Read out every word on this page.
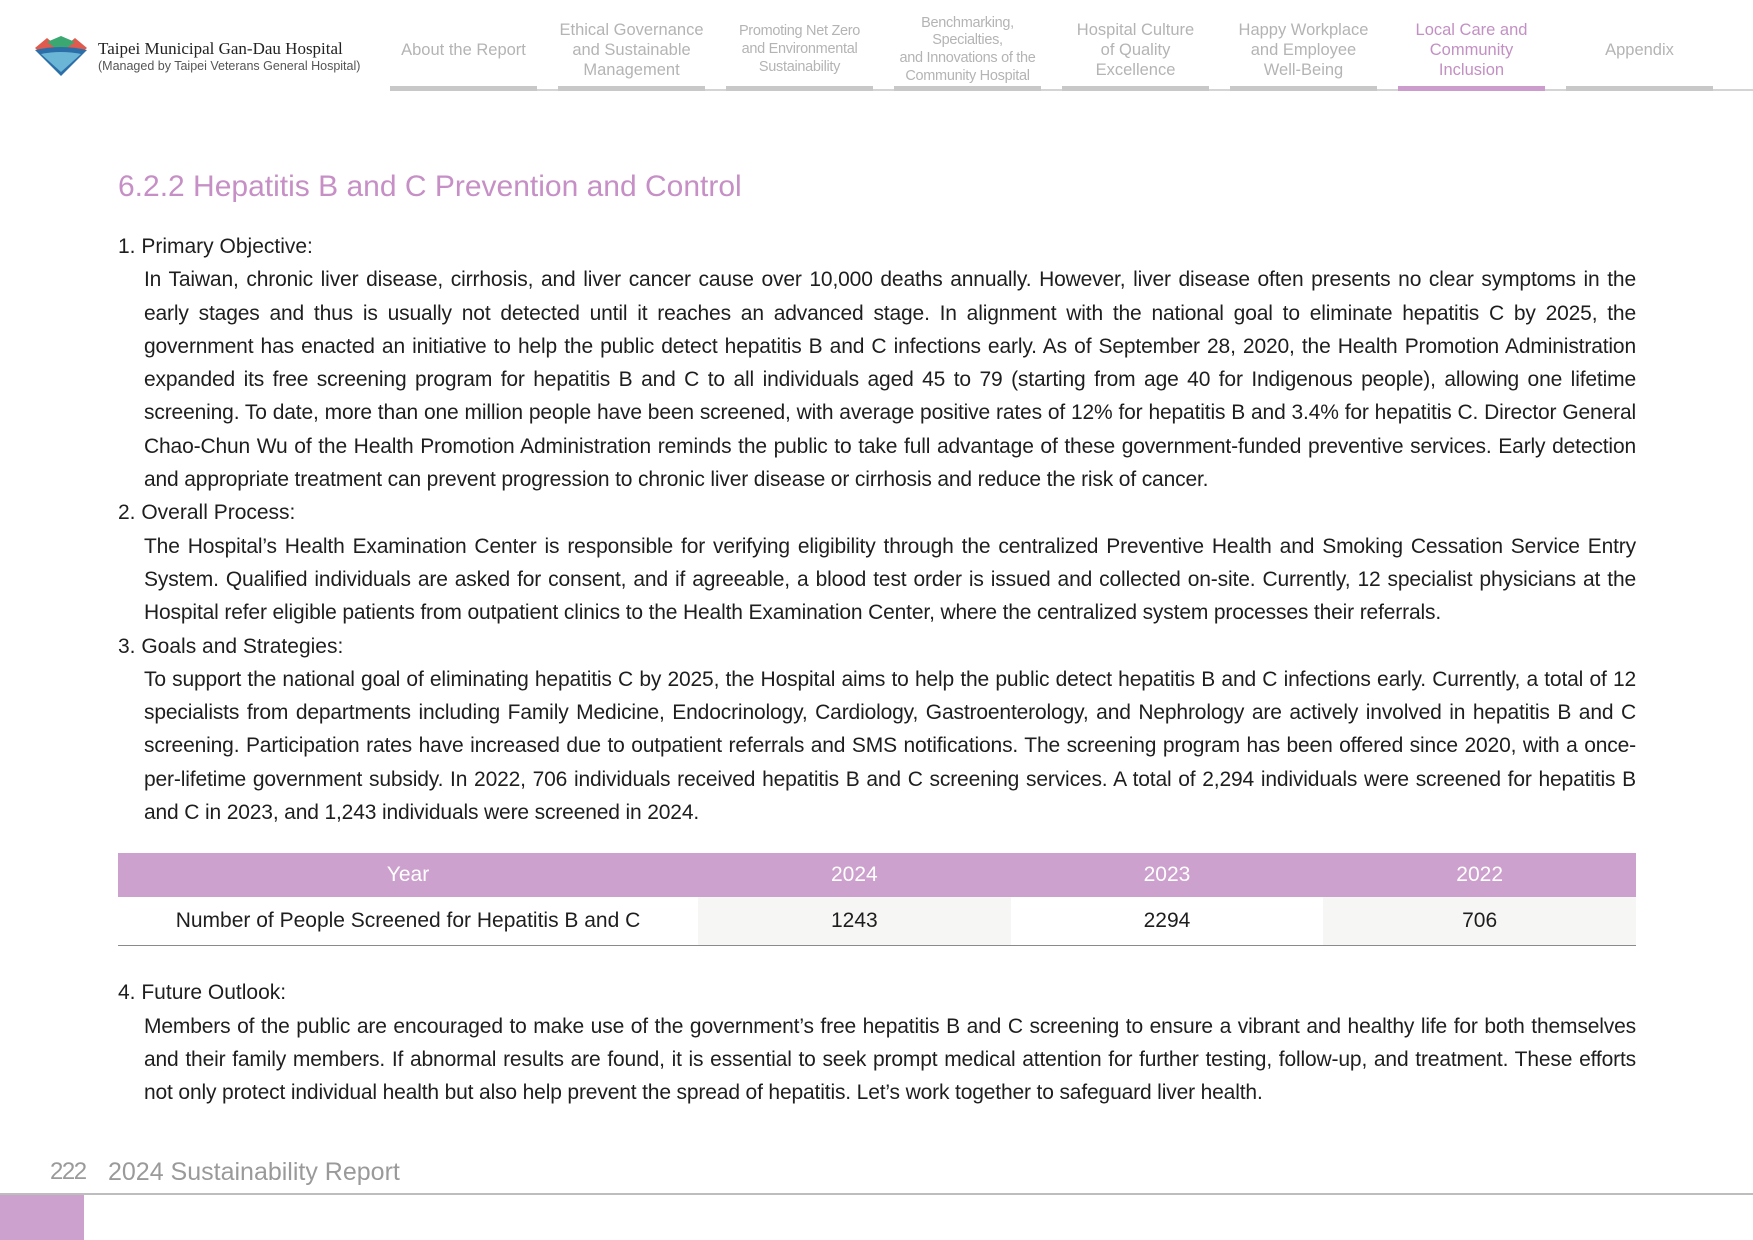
Taipei Municipal Gan-Dau Hospital
(Managed by Taipei Veterans General Hospital)
About the Report
Ethical Governance
and Sustainable
Management
Promoting Net Zero
and Environmental
Sustainability
Benchmarking, Specialties,
and Innovations of the
Community Hospital
Hospital Culture
of Quality
Excellence
Happy Workplace
and Employee
Well-Being
Local Care and
Community
Inclusion
Appendix
6.2.2 Hepatitis B and C Prevention and Control
1. Primary Objective:
In Taiwan, chronic liver disease, cirrhosis, and liver cancer cause over 10,000 deaths annually. However, liver disease often presents no clear symptoms in the early stages and thus is usually not detected until it reaches an advanced stage. In alignment with the national goal to eliminate hepatitis C by 2025, the government has enacted an initiative to help the public detect hepatitis B and C infections early. As of September 28, 2020, the Health Promotion Administration expanded its free screening program for hepatitis B and C to all individuals aged 45 to 79 (starting from age 40 for Indigenous people), allowing one lifetime screening. To date, more than one million people have been screened, with average positive rates of 12% for hepatitis B and 3.4% for hepatitis C. Director General Chao-Chun Wu of the Health Promotion Administration reminds the public to take full advantage of these government-funded preventive services. Early detection and appropriate treatment can prevent progression to chronic liver disease or cirrhosis and reduce the risk of cancer.
2. Overall Process:
The Hospital’s Health Examination Center is responsible for verifying eligibility through the centralized Preventive Health and Smoking Cessation Service Entry System. Qualified individuals are asked for consent, and if agreeable, a blood test order is issued and collected on-site. Currently, 12 specialist physicians at the Hospital refer eligible patients from outpatient clinics to the Health Examination Center, where the centralized system processes their referrals.
3. Goals and Strategies:
To support the national goal of eliminating hepatitis C by 2025, the Hospital aims to help the public detect hepatitis B and C infections early. Currently, a total of 12 specialists from departments including Family Medicine, Endocrinology, Cardiology, Gastroenterology, and Nephrology are actively involved in hepatitis B and C screening. Participation rates have increased due to outpatient referrals and SMS notifications. The screening program has been offered since 2020, with a once-per-lifetime government subsidy. In 2022, 706 individuals received hepatitis B and C screening services. A total of 2,294 individuals were screened for hepatitis B and C in 2023, and 1,243 individuals were screened in 2024.
Year	2024	2023	2022
Number of People Screened for Hepatitis B and C	1243	2294	706
4. Future Outlook:
Members of the public are encouraged to make use of the government’s free hepatitis B and C screening to ensure a vibrant and healthy life for both themselves and their family members. If abnormal results are found, it is essential to seek prompt medical attention for further testing, follow-up, and treatment. These efforts not only protect individual health but also help prevent the spread of hepatitis. Let’s work together to safeguard liver health.
222 2024 Sustainability Report
